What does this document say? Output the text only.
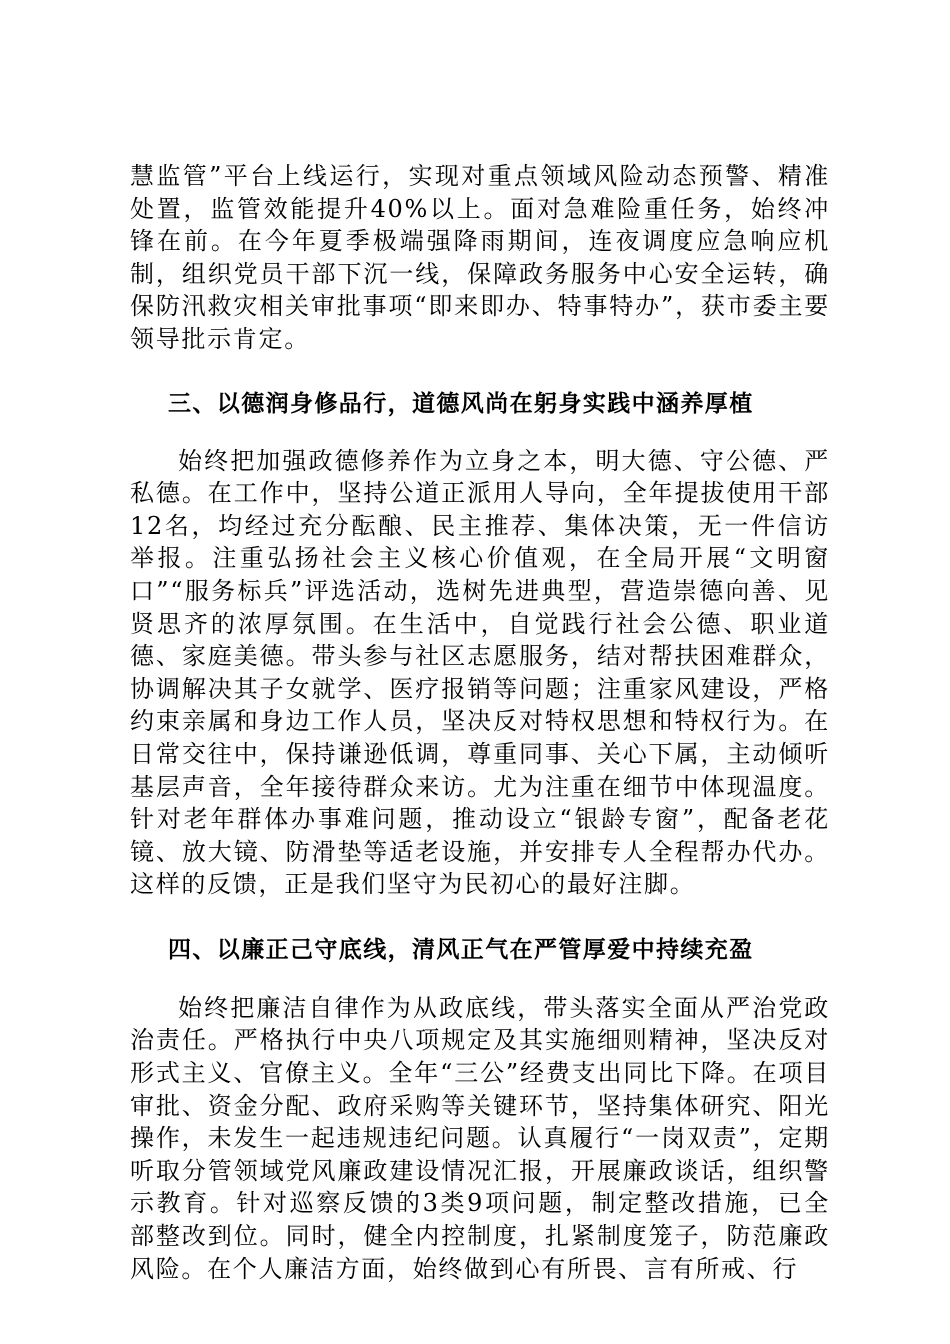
慧监管”平台上线运行，实现对重点领域风险动态预警、精准处置，监管效能提升40%以上。面对急难险重任务，始终冲锋在前。在今年夏季极端强降雨期间，连夜调度应急响应机制，组织党员干部下沉一线，保障政务服务中心安全运转，确保防汛救灾相关审批事项“即来即办、特事特办”，获市委主要领导批示肯定。

三、以德润身修品行，道德风尚在躬身实践中涵养厚植

始终把加强政德修养作为立身之本，明大德、守公德、严私德。在工作中，坚持公道正派用人导向，全年提拔使用干部12名，均经过充分酝酿、民主推荐、集体决策，无一件信访举报。注重弘扬社会主义核心价值观，在全局开展“文明窗口”“服务标兵”评选活动，选树先进典型，营造崇德向善、见贤思齐的浓厚氛围。在生活中，自觉践行社会公德、职业道德、家庭美德。带头参与社区志愿服务，结对帮扶困难群众，协调解决其子女就学、医疗报销等问题；注重家风建设，严格约束亲属和身边工作人员，坚决反对特权思想和特权行为。在日常交往中，保持谦逊低调，尊重同事、关心下属，主动倾听基层声音，全年接待群众来访。尤为注重在细节中体现温度。针对老年群体办事难问题，推动设立“银龄专窗”，配备老花镜、放大镜、防滑垫等适老设施，并安排专人全程帮办代办。这样的反馈，正是我们坚守为民初心的最好注脚。

四、以廉正己守底线，清风正气在严管厚爱中持续充盈

始终把廉洁自律作为从政底线，带头落实全面从严治党政治责任。严格执行中央八项规定及其实施细则精神，坚决反对形式主义、官僚主义。全年“三公”经费支出同比下降。在项目审批、资金分配、政府采购等关键环节，坚持集体研究、阳光操作，未发生一起违规违纪问题。认真履行“一岗双责”，定期听取分管领域党风廉政建设情况汇报，开展廉政谈话，组织警示教育。针对巡察反馈的3类9项问题，制定整改措施，已全部整改到位。同时，健全内控制度，扎紧制度笼子，防范廉政风险。在个人廉洁方面，始终做到心有所畏、言有所戒、行
